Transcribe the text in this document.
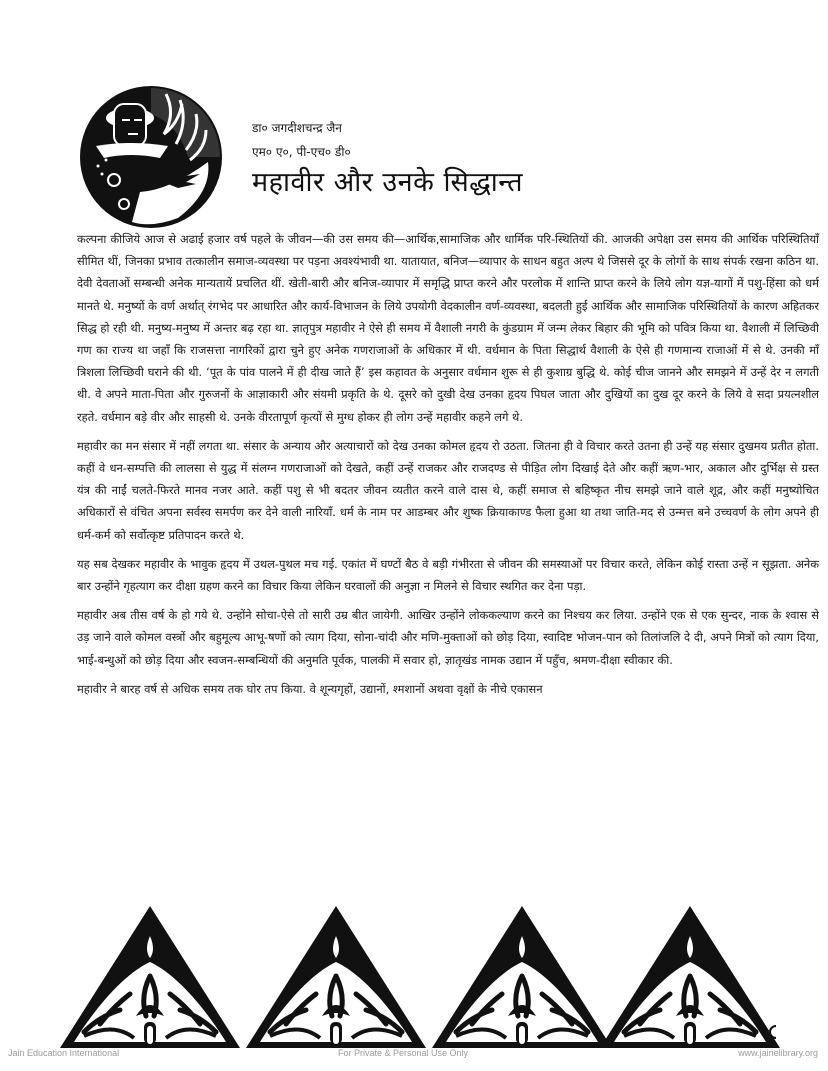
डा० जगदीशचन्द्र जैन
एम० ए०, पी-एच० डी०
महावीर और उनके सिद्धान्त

कल्पना कीजिये आज से अढाई हजार वर्ष पहले के जीवन—की उस समय की—आर्थिक,सामाजिक और धार्मिक परि-स्थितियों की. आजकी अपेक्षा उस समय की आर्थिक परिस्थितियाँ सीमित थीं, जिनका प्रभाव तत्कालीन समाज-व्यवस्था पर पड़ना अवश्यंभावी था. यातायात, बनिज—व्यापार के साधन बहुत अल्प थे जिससे दूर के लोगों के साथ संपर्क रखना कठिन था. देवी देवताओं सम्बन्धी अनेक मान्यतायें प्रचलित थीं. खेती-बारी और बनिज-व्यापार में समृद्धि प्राप्त करने और परलोक में शान्ति प्राप्त करने के लिये लोग यज्ञ-यागों में पशु-हिंसा को धर्म मानते थे. मनुष्यों के वर्ण अर्थात् रंगभेद पर आधारित और कार्य-विभाजन के लिये उपयोगी वेदकालीन वर्ण-व्यवस्था, बदलती हुई आर्थिक और सामाजिक परिस्थितियों के कारण अहितकर सिद्ध हो रही थी. मनुष्य-मनुष्य में अन्तर बढ़ रहा था. ज्ञातृपुत्र महावीर ने ऐसे ही समय में वैशाली नगरी के कुंडग्राम में जन्म लेकर बिहार की भूमि को पवित्र किया था. वैशाली में लिच्छिवी गण का राज्य था जहाँ कि राजसत्ता नागरिकों द्वारा चुने हुए अनेक गणराजाओं के अधिकार में थी. वर्धमान के पिता सिद्धार्थ वैशाली के ऐसे ही गणमान्य राजाओं में से थे. उनकी माँ त्रिशला लिच्छिवी घराने की थी. ‘पूत के पांव पालने में ही दीख जाते हैं’ इस कहावत के अनुसार वर्धमान शुरू से ही कुशाग्र बुद्धि थे. कोई चीज जानने और समझने में उन्हें देर न लगती थी. वे अपने माता-पिता और गुरुजनों के आज्ञाकारी और संयमी प्रकृति के थे. दूसरे को दुखी देख उनका हृदय पिघल जाता और दुखियों का दुख दूर करने के लिये वे सदा प्रयत्नशील रहते. वर्धमान बड़े वीर और साहसी थे. उनके वीरतापूर्ण कृत्यों से मुग्ध होकर ही लोग उन्हें महावीर कहने लगे थे.

महावीर का मन संसार में नहीं लगता था. संसार के अन्याय और अत्याचारों को देख उनका कोमल हृदय रो उठता. जितना ही वे विचार करते उतना ही उन्हें यह संसार दुखमय प्रतीत होता. कहीं वे धन-सम्पत्ति की लालसा से युद्ध में संलग्न गणराजाओं को देखते, कहीं उन्हें राजकर और राजदण्ड से पीड़ित लोग दिखाई देते और कहीं ऋण-भार, अकाल और दुर्भिक्ष से ग्रस्त यंत्र की नाईं चलते-फिरते मानव नजर आते. कहीं पशु से भी बदतर जीवन व्यतीत करने वाले दास थे, कहीं समाज से बहिष्कृत नीच समझे जाने वाले शूद्र, और कहीं मनुष्योचित अधिकारों से वंचित अपना सर्वस्व समर्पण कर देने वाली नारियाँ. धर्म के नाम पर आडम्बर और शुष्क क्रियाकाण्ड फैला हुआ था तथा जाति-मद से उन्मत्त बने उच्चवर्ण के लोग अपने ही धर्म-कर्म को सर्वोत्कृष्ट प्रतिपादन करते थे.

यह सब देखकर महावीर के भावुक हृदय में उथल-पुथल मच गई. एकांत में घण्टों बैठ वे बड़ी गंभीरता से जीवन की समस्याओं पर विचार करते, लेकिन कोई रास्ता उन्हें न सूझता. अनेक बार उन्होंने गृहत्याग कर दीक्षा ग्रहण करने का विचार किया लेकिन घरवालों की अनुज्ञा न मिलने से विचार स्थगित कर देना पड़ा.

महावीर अब तीस वर्ष के हो गये थे. उन्होंने सोचा-ऐसे तो सारी उम्र बीत जायेगी. आखिर उन्होंने लोककल्याण करने का निश्चय कर लिया. उन्होंने एक से एक सुन्दर, नाक के श्वास से उड़ जाने वाले कोमल वस्त्रों और बहुमूल्य आभू-षणों को त्याग दिया, सोना-चांदी और मणि-मुक्ताओं को छोड़ दिया, स्वादिष्ट भोजन-पान को तिलांजलि दे दी, अपने मित्रों को त्याग दिया, भाई-बन्धुओं को छोड़ दिया और स्वजन-सम्बन्धियों की अनुमति पूर्वक, पालकी में सवार हो, ज्ञातृखंड नामक उद्यान में पहुँच, श्रमण-दीक्षा स्वीकार की.

महावीर ने बारह वर्ष से अधिक समय तक घोर तप किया. वे शून्यगृहों, उद्यानों, श्मशानों अथवा वृक्षों के नीचे एकासन

Jain Education International	For Private & Personal Use Only	www.jainelibrary.org
